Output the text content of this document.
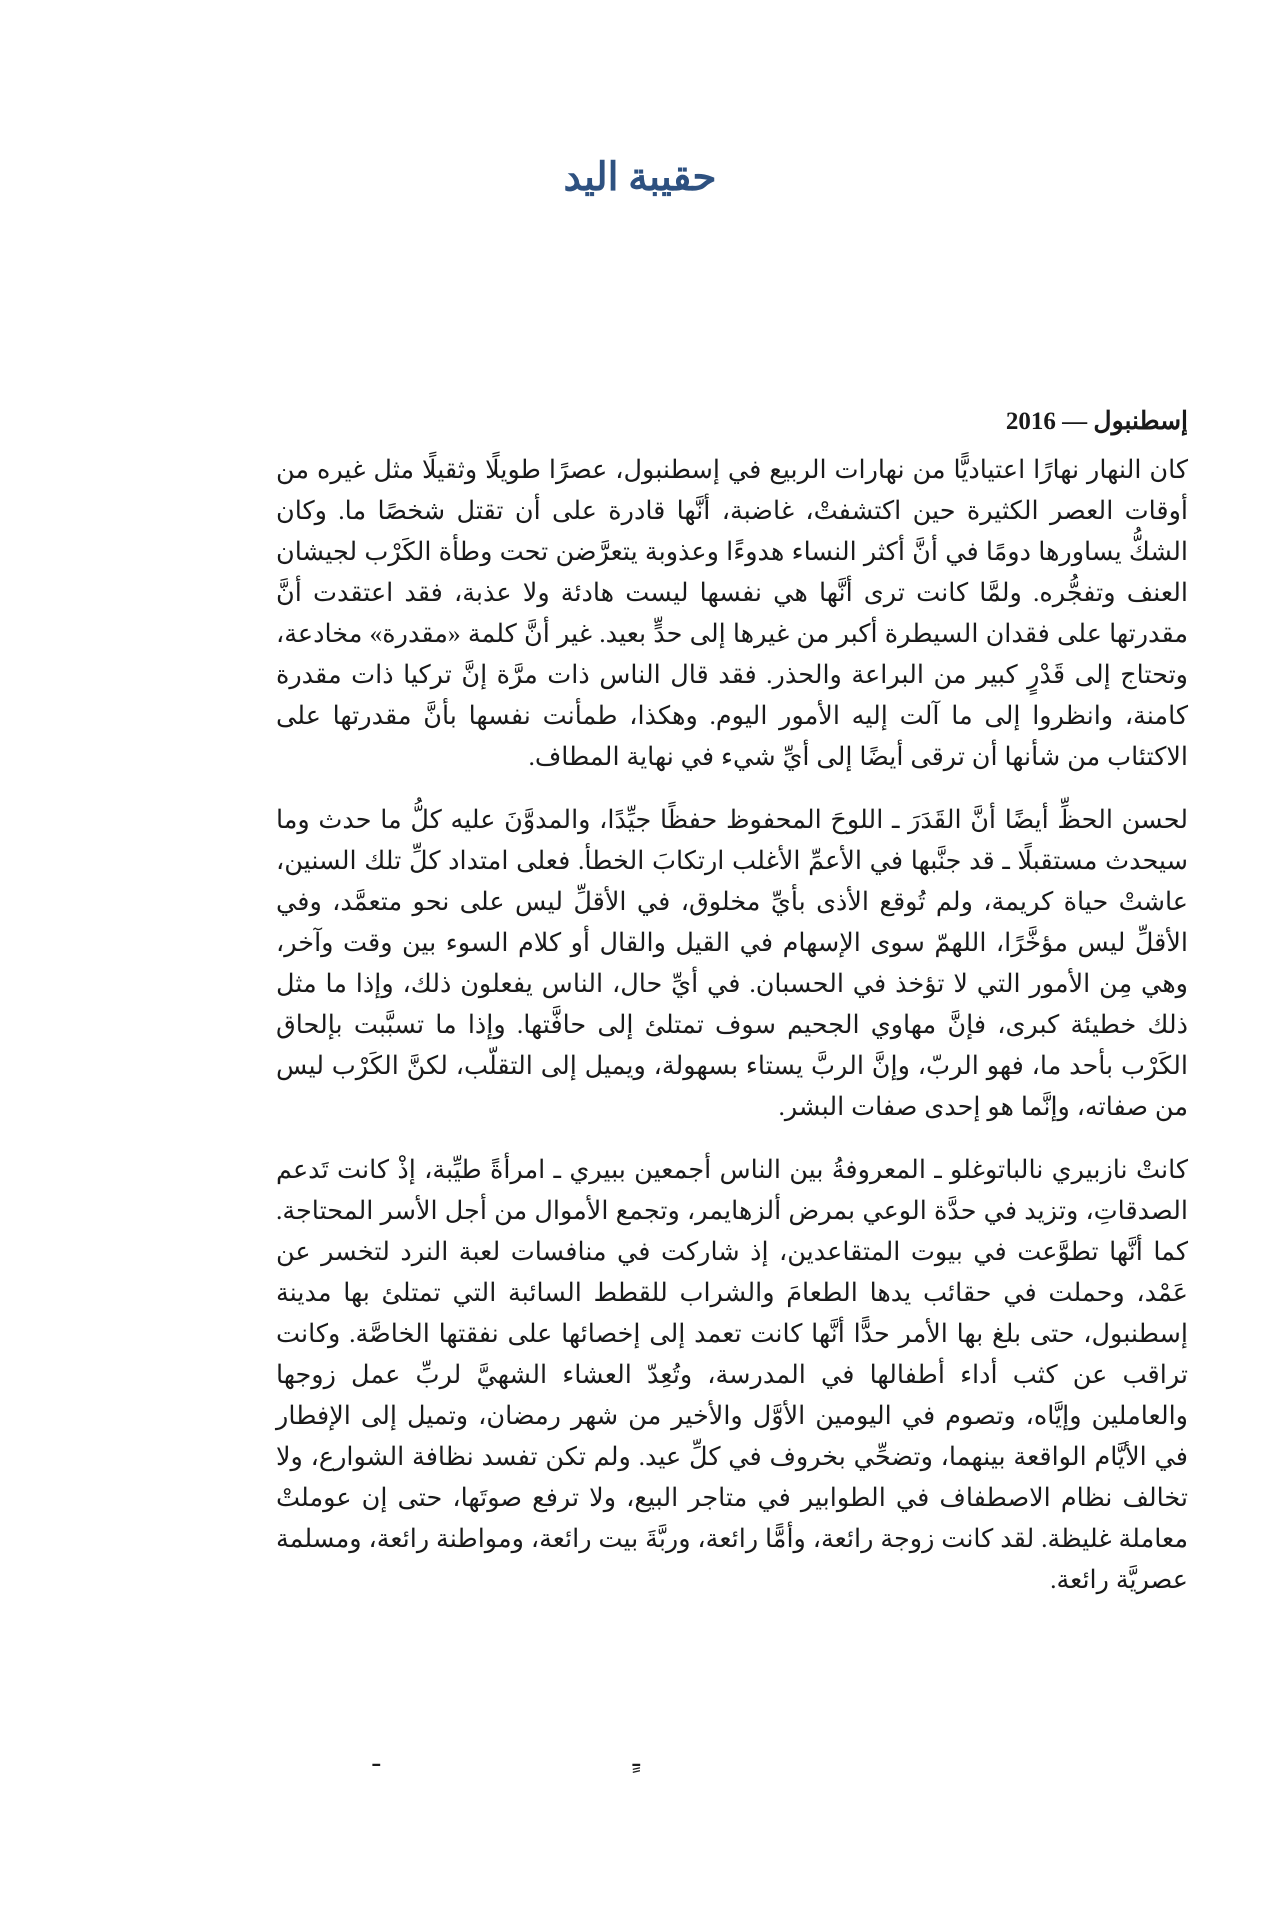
حقيبة اليد
إسطنبول — 2016

كان النهار نهارًا اعتياديًّا من نهارات الربيع في إسطنبول، عصرًا طويلًا وثقيلًا مثل غيره من أوقات العصر الكثيرة حين اكتشفتْ، غاضبة، أنَّها قادرة على أن تقتل شخصًا ما. وكان الشكُّ يساورها دومًا في أنَّ أكثر النساء هدوءًا وعذوبة يتعرَّضن تحت وطأة الكَرْب لجيشان العنف وتفجُّره. ولمَّا كانت ترى أنَّها هي نفسها ليست هادئة ولا عذبة، فقد اعتقدت أنَّ مقدرتها على فقدان السيطرة أكبر من غيرها إلى حدٍّ بعيد. غير أنَّ كلمة «مقدرة» مخادعة، وتحتاج إلى قَدْرٍ كبير من البراعة والحذر. فقد قال الناس ذات مرَّة إنَّ تركيا ذات مقدرة كامنة، وانظروا إلى ما آلت إليه الأمور اليوم. وهكذا، طمأنت نفسها بأنَّ مقدرتها على الاكتئاب من شأنها أن ترقى أيضًا إلى أيِّ شيء في نهاية المطاف.

لحسن الحظِّ أيضًا أنَّ القَدَرَ ـ اللوحَ المحفوظ حفظًا جيِّدًا، والمدوَّنَ عليه كلُّ ما حدث وما سيحدث مستقبلًا ـ قد جنَّبها في الأعمِّ الأغلب ارتكابَ الخطأ. فعلى امتداد كلِّ تلك السنين، عاشتْ حياة كريمة، ولم تُوقع الأذى بأيِّ مخلوق، في الأقلِّ ليس على نحو متعمَّد، وفي الأقلِّ ليس مؤخَّرًا، اللهمّ سوى الإسهام في القيل والقال أو كلام السوء بين وقت وآخر، وهي مِن الأمور التي لا تؤخذ في الحسبان. في أيِّ حال، الناس يفعلون ذلك، وإذا ما مثل ذلك خطيئة كبرى، فإنَّ مهاوي الجحيم سوف تمتلئ إلى حافَّتها. وإذا ما تسبَّبت بإلحاق الكَرْب بأحد ما، فهو الربّ، وإنَّ الربَّ يستاء بسهولة، ويميل إلى التقلّب، لكنَّ الكَرْب ليس من صفاته، وإنَّما هو إحدى صفات البشر.

كانتْ نازبيري نالباتوغلو ـ المعروفةُ بين الناس أجمعين ببيري ـ امرأةً طيِّبة، إذْ كانت تَدعم الصدقاتِ، وتزيد في حدَّة الوعي بمرض ألزهايمر، وتجمع الأموال من أجل الأسر المحتاجة. كما أنَّها تطوَّعت في بيوت المتقاعدين، إذ شاركت في منافسات لعبة النرد لتخسر عن عَمْد، وحملت في حقائب يدها الطعامَ والشراب للقطط السائبة التي تمتلئ بها مدينة إسطنبول، حتى بلغ بها الأمر حدًّا أنَّها كانت تعمد إلى إخصائها على نفقتها الخاصَّة. وكانت تراقب عن كثب أداء أطفالها في المدرسة، وتُعِدّ العشاء الشهيَّ لربِّ عمل زوجها والعاملين وإيَّاه، وتصوم في اليومين الأوَّل والأخير من شهر رمضان، وتميل إلى الإفطار في الأيَّام الواقعة بينهما، وتضحِّي بخروف في كلِّ عيد. ولم تكن تفسد نظافة الشوارع، ولا تخالف نظام الاصطفاف في الطوابير في متاجر البيع، ولا ترفع صوتَها، حتى إن عوملتْ معاملة غليظة. لقد كانت زوجة رائعة، وأمًّا رائعة، وربَّةَ بيت رائعة، ومواطنة رائعة، ومسلمة عصريَّة رائعة.

ـ	ـٍ
